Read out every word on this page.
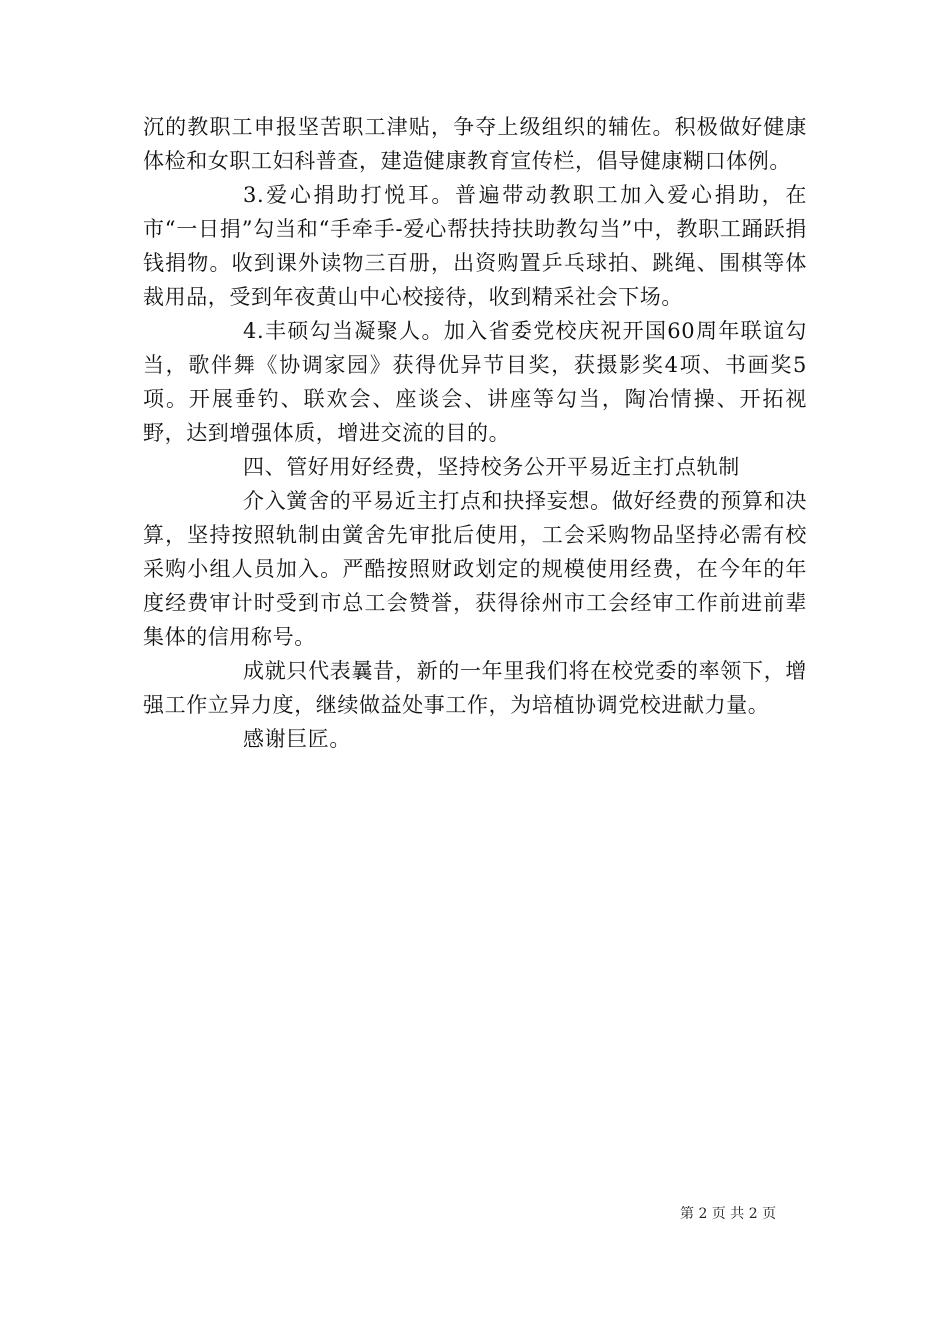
沉的教职工申报坚苦职工津贴，争夺上级组织的辅佐。积极做好健康体检和女职工妇科普查，建造健康教育宣传栏，倡导健康糊口体例。

3.爱心捐助打悦耳。普遍带动教职工加入爱心捐助，在市“一日捐”勾当和“手牵手-爱心帮扶持扶助教勾当”中，教职工踊跃捐钱捐物。收到课外读物三百册，出资购置乒乓球拍、跳绳、围棋等体裁用品，受到年夜黄山中心校接待，收到精采社会下场。

4.丰硕勾当凝聚人。加入省委党校庆祝开国60周年联谊勾当，歌伴舞《协调家园》获得优异节目奖，获摄影奖4项、书画奖5项。开展垂钓、联欢会、座谈会、讲座等勾当，陶冶情操、开拓视野，达到增强体质，增进交流的目的。

四、管好用好经费，坚持校务公开平易近主打点轨制

介入黉舍的平易近主打点和抉择妄想。做好经费的预算和决算，坚持按照轨制由黉舍先审批后使用，工会采购物品坚持必需有校采购小组人员加入。严酷按照财政划定的规模使用经费，在今年的年度经费审计时受到市总工会赞誉，获得徐州市工会经审工作前进前辈集体的信用称号。

成就只代表曩昔，新的一年里我们将在校党委的率领下，增强工作立异力度，继续做益处事工作，为培植协调党校进献力量。

感谢巨匠。

第 2 页 共 2 页
